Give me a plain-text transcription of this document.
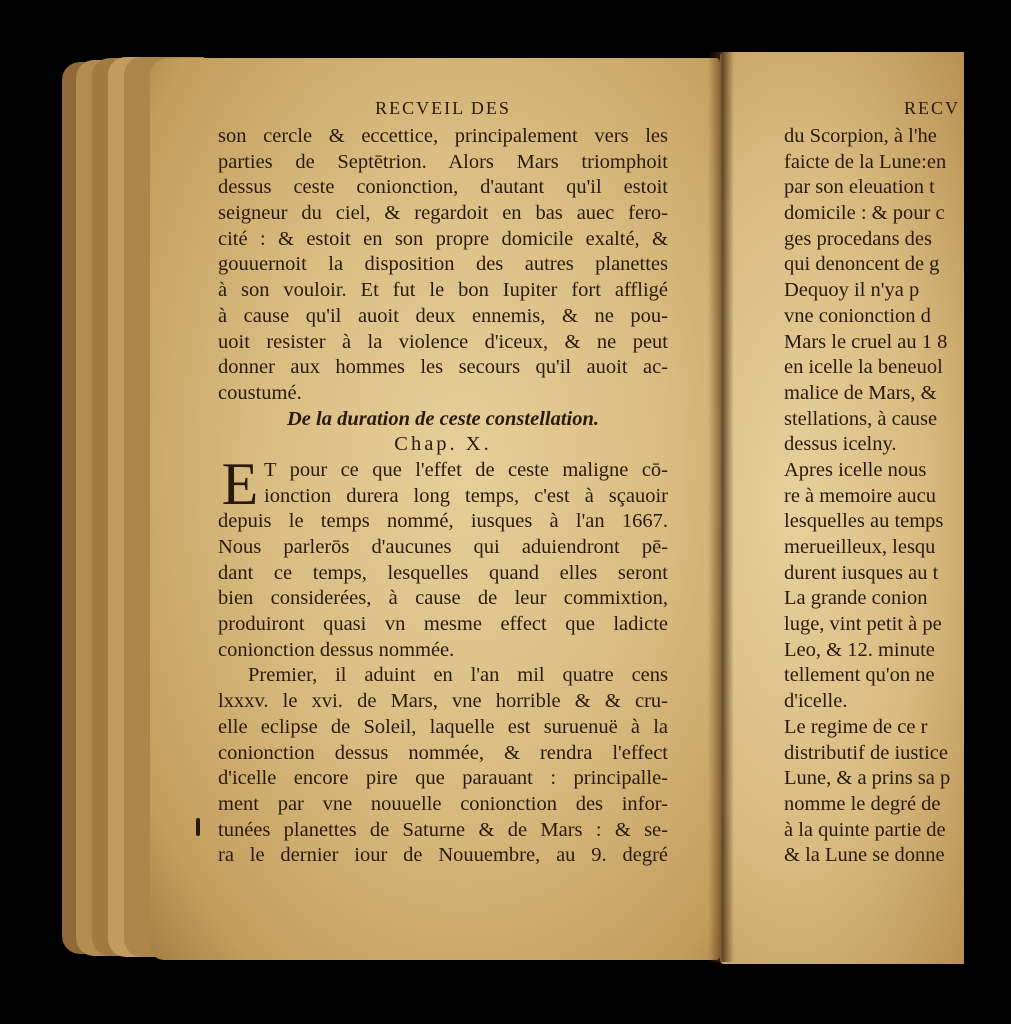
RECVEIL DES
son cercle & eccettice, principalement vers les
parties de Septētrion. Alors Mars triomphoit
dessus ceste conionction, d'autant qu'il estoit
seigneur du ciel, & regardoit en bas auec fero-
cité : & estoit en son propre domicile exalté, &
gouuernoit la disposition des autres planettes
à son vouloir. Et fut le bon Iupiter fort affligé
à cause qu'il auoit deux ennemis, & ne pou-
uoit resister à la violence d'iceux, & ne peut
donner aux hommes les secours qu'il auoit ac-
coustumé.
De la duration de ceste constellation.
Chap. X.
E T pour ce que l'effet de ceste maligne cō-
ionction durera long temps, c'est à sçauoir
depuis le temps nommé, iusques à l'an 1667.
Nous parlerōs d'aucunes qui aduiendront pē-
dant ce temps, lesquelles quand elles seront
bien considerées, à cause de leur commixtion,
produiront quasi vn mesme effect que ladicte
conionction dessus nommée.
Premier, il aduint en l'an mil quatre cens
lxxxv. le xvi. de Mars, vne horrible & & cru-
elle eclipse de Soleil, laquelle est suruenuë à la
conionction dessus nommée, & rendra l'effect
d'icelle encore pire que parauant : principalle-
ment par vne nouuelle conionction des infor-
tunées planettes de Saturne & de Mars : & se-
ra le dernier iour de Nouuembre, au 9. degré
RECV
du Scorpion, à l'he
faicte de la Lune:en
par son eleuation t
domicile : & pour c
ges procedans des
qui denoncent de g
Dequoy il n'ya p
vne conionction d
Mars le cruel au 1 8
en icelle la beneuol
malice de Mars, &
stellations, à cause
dessus icelny.
Apres icelle nous
re à memoire aucu
lesquelles au temps
merueilleux, lesqu
durent iusques au t
La grande conion
luge, vint petit à pe
Leo, & 12. minute
tellement qu'on ne
d'icelle.
Le regime de ce r
distributif de iustice
Lune, & a prins sa p
nomme le degré de
à la quinte partie de
& la Lune se donne
